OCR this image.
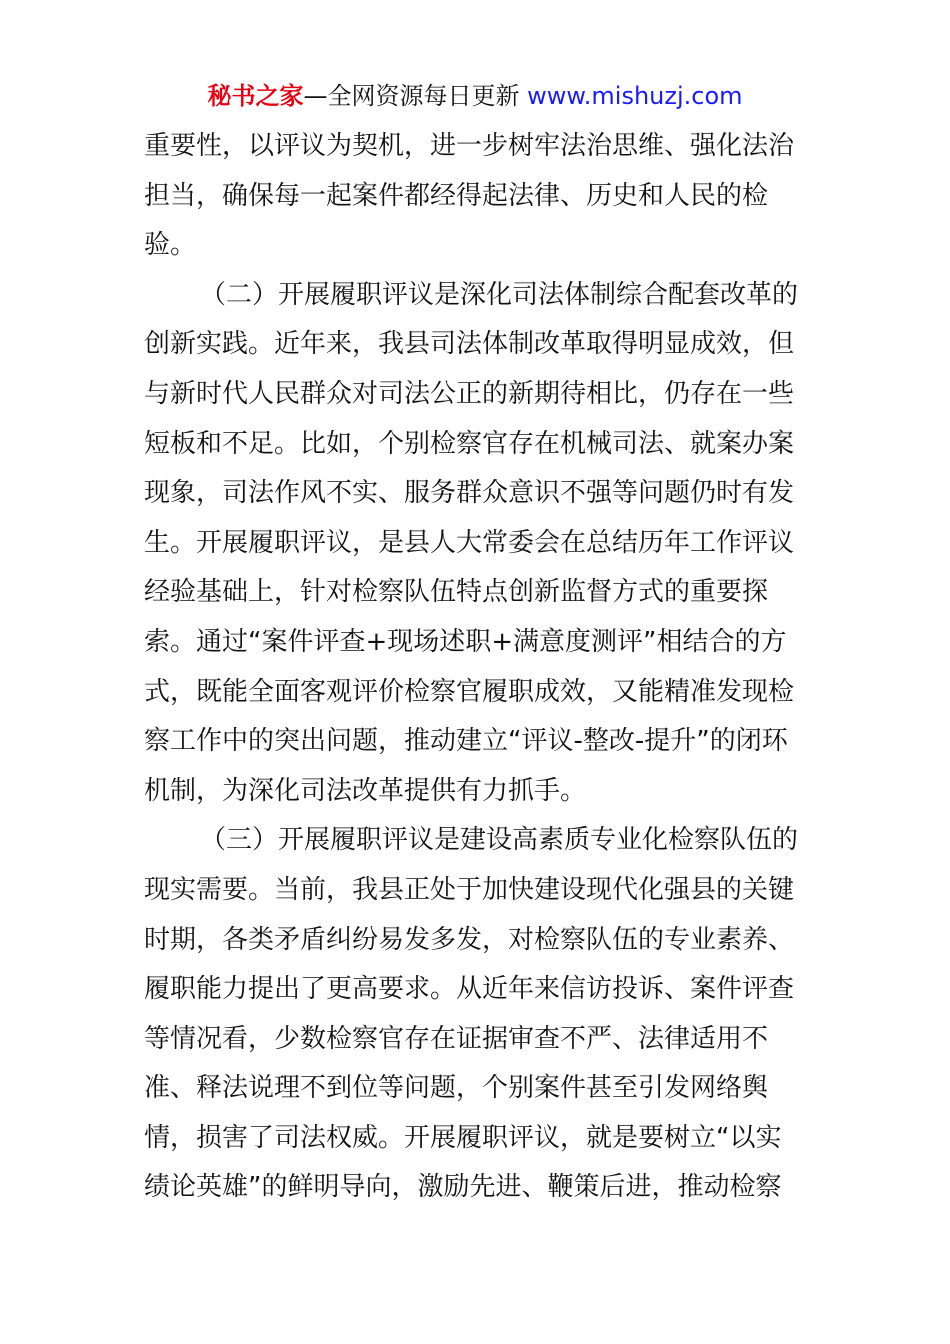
秘书之家—全网资源每日更新 www.mishuzj.com
重要性，以评议为契机，进一步树牢法治思维、强化法治
担当，确保每一起案件都经得起法律、历史和人民的检
验。
（二）开展履职评议是深化司法体制综合配套改革的
创新实践。近年来，我县司法体制改革取得明显成效，但
与新时代人民群众对司法公正的新期待相比，仍存在一些
短板和不足。比如，个别检察官存在机械司法、就案办案
现象，司法作风不实、服务群众意识不强等问题仍时有发
生。开展履职评议，是县人大常委会在总结历年工作评议
经验基础上，针对检察队伍特点创新监督方式的重要探
索。通过“案件评查+现场述职+满意度测评”相结合的方
式，既能全面客观评价检察官履职成效，又能精准发现检
察工作中的突出问题，推动建立“评议-整改-提升”的闭环
机制，为深化司法改革提供有力抓手。
（三）开展履职评议是建设高素质专业化检察队伍的
现实需要。当前，我县正处于加快建设现代化强县的关键
时期，各类矛盾纠纷易发多发，对检察队伍的专业素养、
履职能力提出了更高要求。从近年来信访投诉、案件评查
等情况看，少数检察官存在证据审查不严、法律适用不
准、释法说理不到位等问题，个别案件甚至引发网络舆
情，损害了司法权威。开展履职评议，就是要树立“以实
绩论英雄”的鲜明导向，激励先进、鞭策后进，推动检察
